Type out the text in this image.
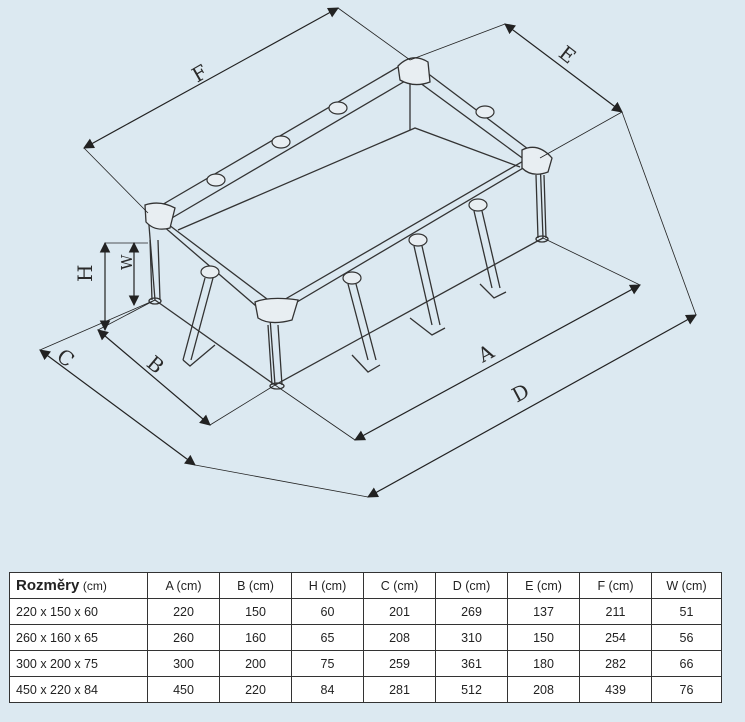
F
E
H
W
C	B	A
D
Rozměry (cm)	A (cm)	B (cm)	H (cm)	C (cm)	D (cm)	E (cm)	F (cm)	W (cm)
220 x 150 x 60	220	150	60	201	269	137	211	51
260 x 160 x 65	260	160	65	208	310	150	254	56
300 x 200 x 75	300	200	75	259	361	180	282	66
450 x 220 x 84	450	220	84	281	512	208	439	76
